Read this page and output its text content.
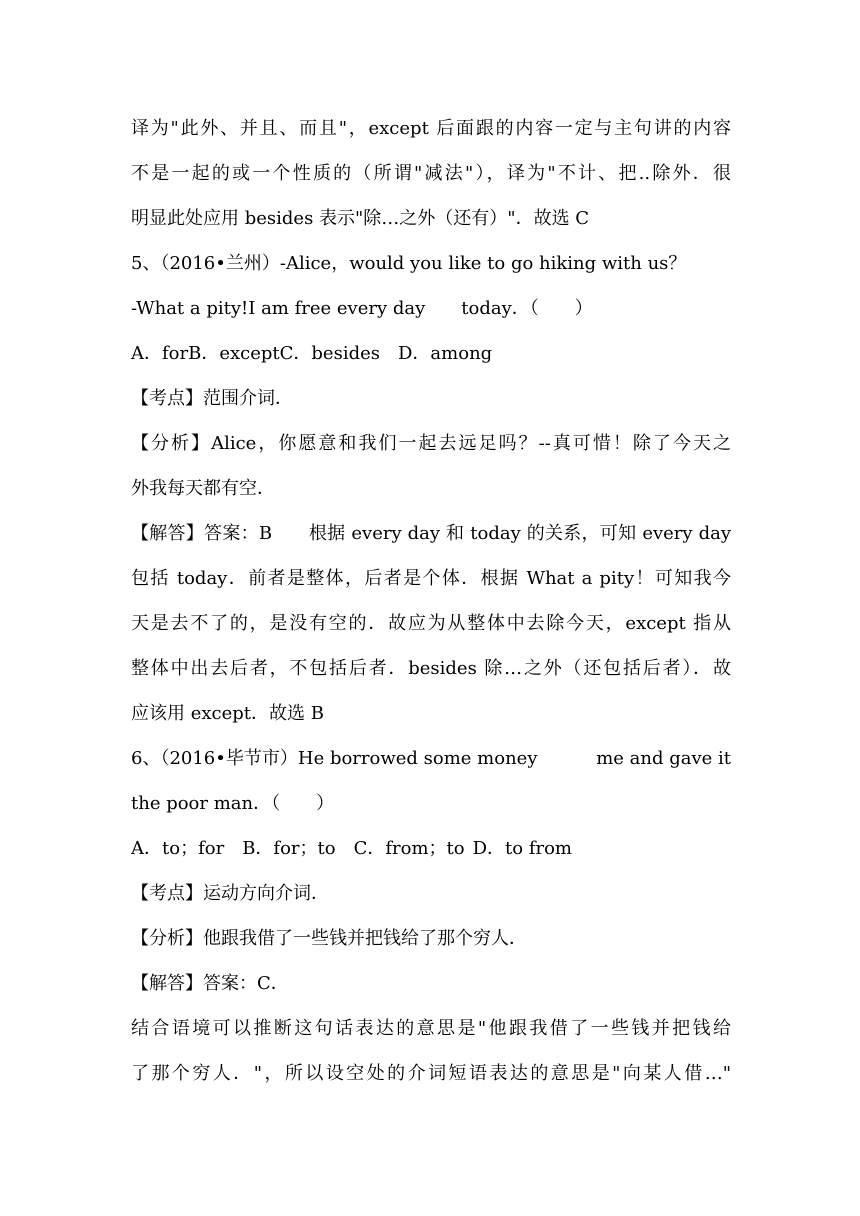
译为"此外、并且、而且"，except 后面跟的内容一定与主句讲的内容
不是一起的或一个性质的（所谓"减法"），译为"不计、把..除外．很
明显此处应用 besides 表示"除…之外（还有）"．故选 C
5、（2016•兰州）-Alice，would you like to go hiking with us？
-What a pity!I am free every day today．（　　）
A．forB．exceptC．besides D．among
【考点】范围介词．
【分析】Alice，你愿意和我们一起去远足吗？--真可惜！除了今天之
外我每天都有空．
【解答】答案：B　　根据 every day 和 today 的关系，可知 every day
包括 today．前者是整体，后者是个体．根据 What a pity！可知我今
天是去不了的，是没有空的．故应为从整体中去除今天，except 指从
整体中出去后者，不包括后者．besides 除…之外（还包括后者）．故
应该用 except．故选 B
6、（2016•毕节市）He borrowed some money	me and gave it
the poor man．（　　）
A．to；for B．for；to C．from；to D．to from
【考点】运动方向介词．
【分析】他跟我借了一些钱并把钱给了那个穷人．
【解答】答案：C．
结合语境可以推断这句话表达的意思是"他跟我借了一些钱并把钱给
了那个穷人．"，所以设空处的介词短语表达的意思是"向某人借…"
